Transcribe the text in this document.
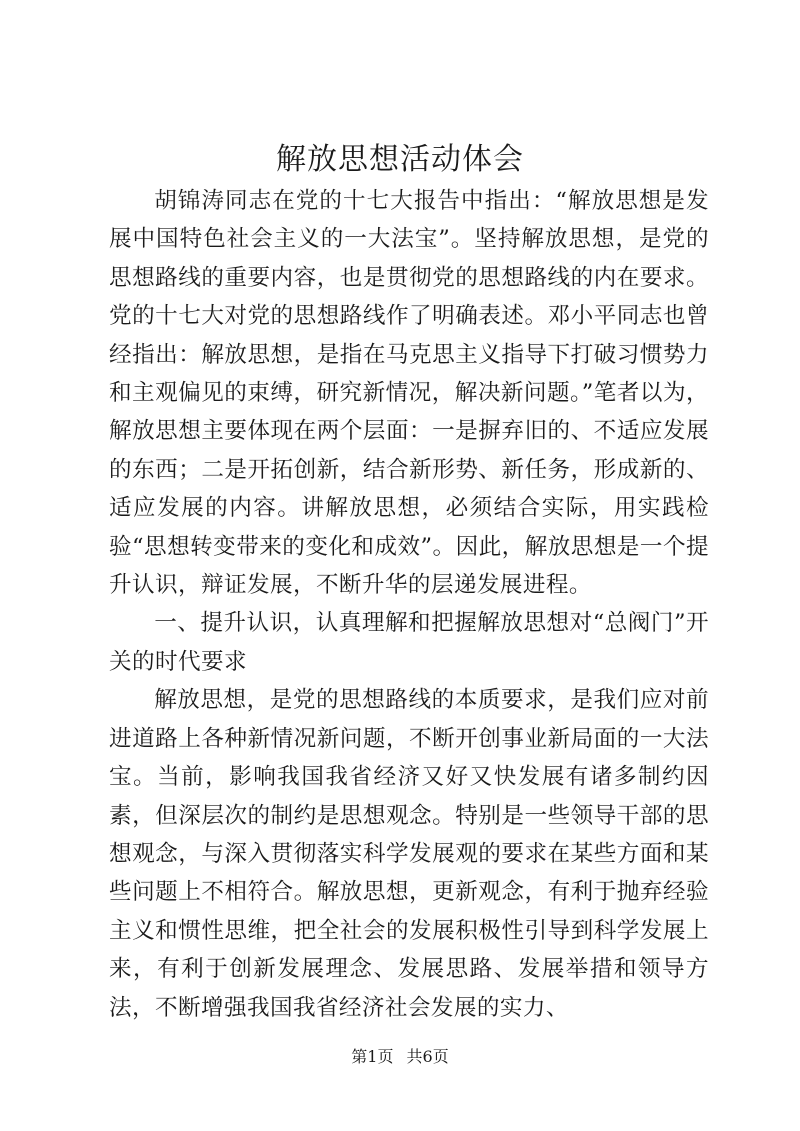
解放思想活动体会

胡锦涛同志在党的十七大报告中指出：“解放思想是发展中国特色社会主义的一大法宝”。坚持解放思想，是党的思想路线的重要内容，也是贯彻党的思想路线的内在要求。党的十七大对党的思想路线作了明确表述。邓小平同志也曾经指出：解放思想，是指在马克思主义指导下打破习惯势力和主观偏见的束缚，研究新情况，解决新问题。”笔者以为，解放思想主要体现在两个层面：一是摒弃旧的、不适应发展的东西；二是开拓创新，结合新形势、新任务，形成新的、适应发展的内容。讲解放思想，必须结合实际，用实践检验“思想转变带来的变化和成效”。因此，解放思想是一个提升认识，辩证发展，不断升华的层递发展进程。

一、提升认识，认真理解和把握解放思想对“总阀门”开关的时代要求

解放思想，是党的思想路线的本质要求，是我们应对前进道路上各种新情况新问题，不断开创事业新局面的一大法宝。当前，影响我国我省经济又好又快发展有诸多制约因素，但深层次的制约是思想观念。特别是一些领导干部的思想观念，与深入贯彻落实科学发展观的要求在某些方面和某些问题上不相符合。解放思想，更新观念，有利于抛弃经验主义和惯性思维，把全社会的发展积极性引导到科学发展上来，有利于创新发展理念、发展思路、发展举措和领导方法，不断增强我国我省经济社会发展的实力、

第1页 共6页
